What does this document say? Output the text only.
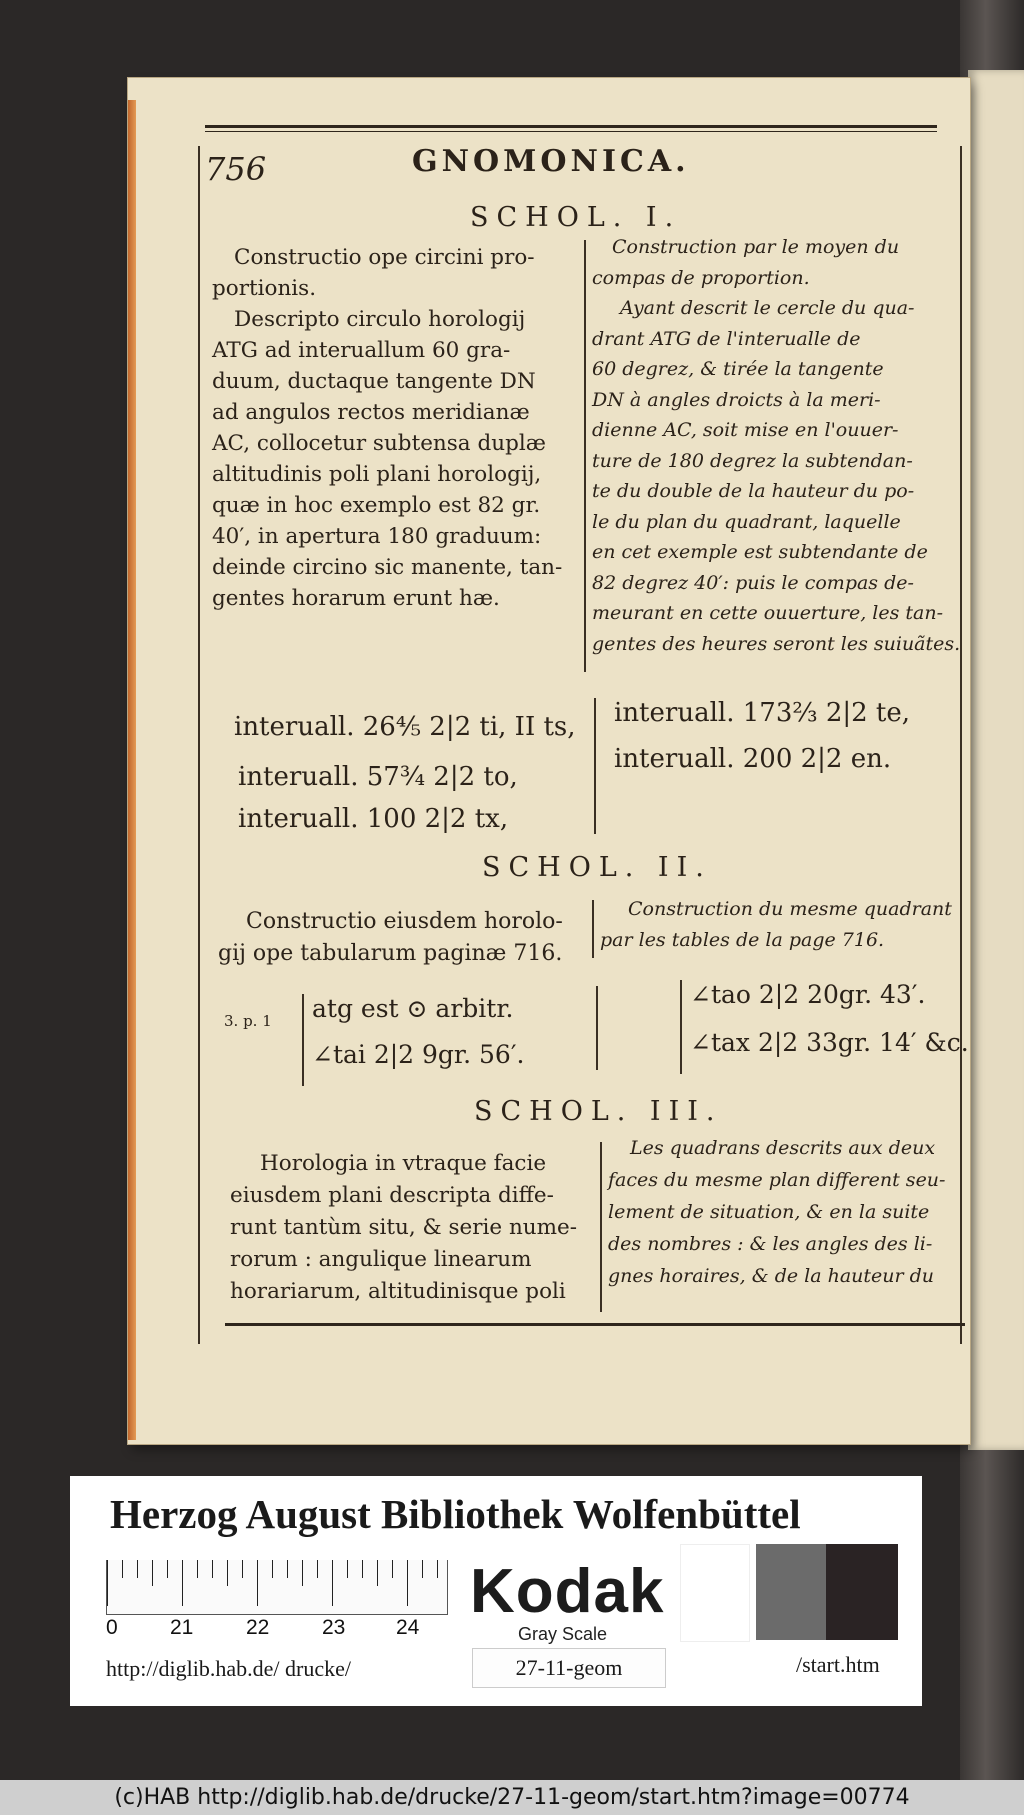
756	GNOMONICA.
SCHOL. I.
Constructio ope circini pro-
portionis.
Descripto circulo horologij
ATG ad interuallum 60 gra-
duum, ductaque tangente DN
ad angulos rectos meridianæ
AC, collocetur subtensa duplæ
altitudinis poli plani horologij,
quæ in hoc exemplo est 82 gr.
40′, in apertura 180 graduum:
deinde circino sic manente, tan-
gentes horarum erunt hæ.
Construction par le moyen du
compas de proportion.
Ayant descrit le cercle du qua-
drant ATG de l'interualle de
60 degrez, & tirée la tangente
DN à angles droicts à la meri-
dienne AC, soit mise en l'ouuer-
ture de 180 degrez la subtendan-
te du double de la hauteur du po-
le du plan du quadrant, laquelle
en cet exemple est subtendante de
82 degrez 40′: puis le compas de-
meurant en cette ouuerture, les tan-
gentes des heures seront les suiuãtes.
interuall. 26⅘ 2|2 ti, II ts,
interuall. 57¾ 2|2 to,
interuall. 100 2|2 tx,
interuall. 173⅔ 2|2 te,
interuall. 200 2|2 en.
SCHOL. II.
Constructio eiusdem horolo-
gij ope tabularum paginæ 716.
Construction du mesme quadrant
par les tables de la page 716.
3. p. 1 atg est ⊙ arbitr.
∠tai 2|2 9gr. 56′.
∠tao 2|2 20gr. 43′.
∠tax 2|2 33gr. 14′ &c.
SCHOL. III.
Horologia in vtraque facie
eiusdem plani descripta diffe-
runt tantùm situ, & serie nume-
rorum : angulique linearum
horariarum, altitudinisque poli
Les quadrans descrits aux deux
faces du mesme plan different seu-
lement de situation, & en la suite
des nombres : & les angles des li-
gnes horaires, & de la hauteur du
Herzog August Bibliothek Wolfenbüttel
0 21	22	23 24
Kodak
Gray Scale
http://diglib.hab.de/ drucke/	27-11-geom	/start.htm
(c)HAB http://diglib.hab.de/drucke/27-11-geom/start.htm?image=00774
